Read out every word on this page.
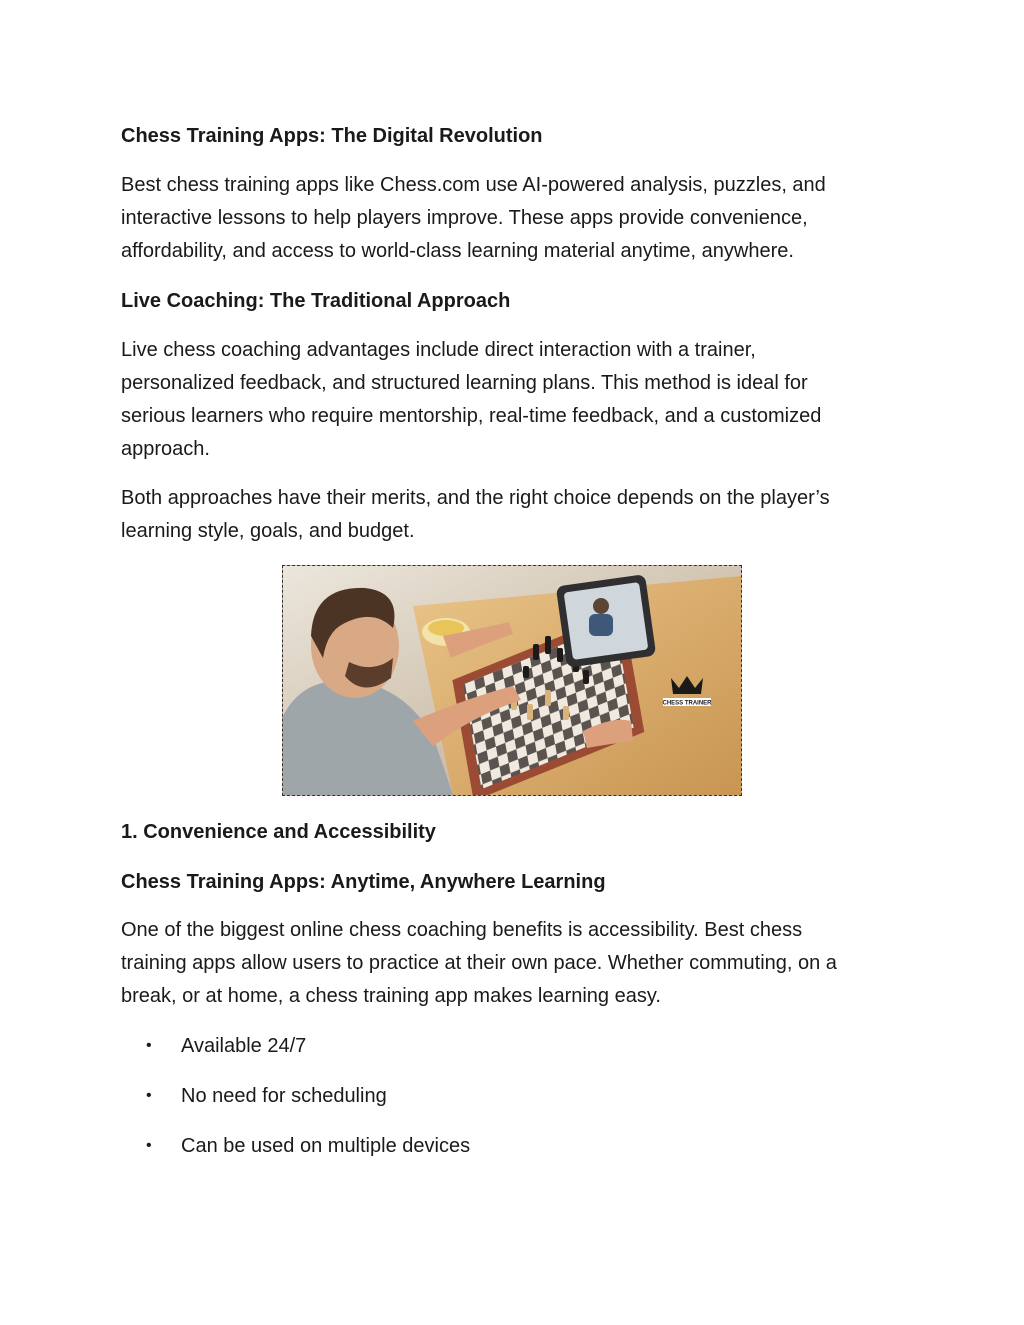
Chess Training Apps: The Digital Revolution

Best chess training apps like Chess.com use AI-powered analysis, puzzles, and

interactive lessons to help players improve. These apps provide convenience,

affordability, and access to world-class learning material anytime, anywhere.

Live Coaching: The Traditional Approach

Live chess coaching advantages include direct interaction with a trainer,

personalized feedback, and structured learning plans. This method is ideal for

serious learners who require mentorship, real-time feedback, and a customized

approach.

Both approaches have their merits, and the right choice depends on the player’s

learning style, goals, and budget.

CHESS TRAINER
1. Convenience and Accessibility
Chess Training Apps: Anytime, Anywhere Learning

One of the biggest online chess coaching benefits is accessibility. Best chess

training apps allow users to practice at their own pace. Whether commuting, on a

break, or at home, a chess training app makes learning easy.

•	Available 24/7
•	No need for scheduling
•	Can be used on multiple devices
